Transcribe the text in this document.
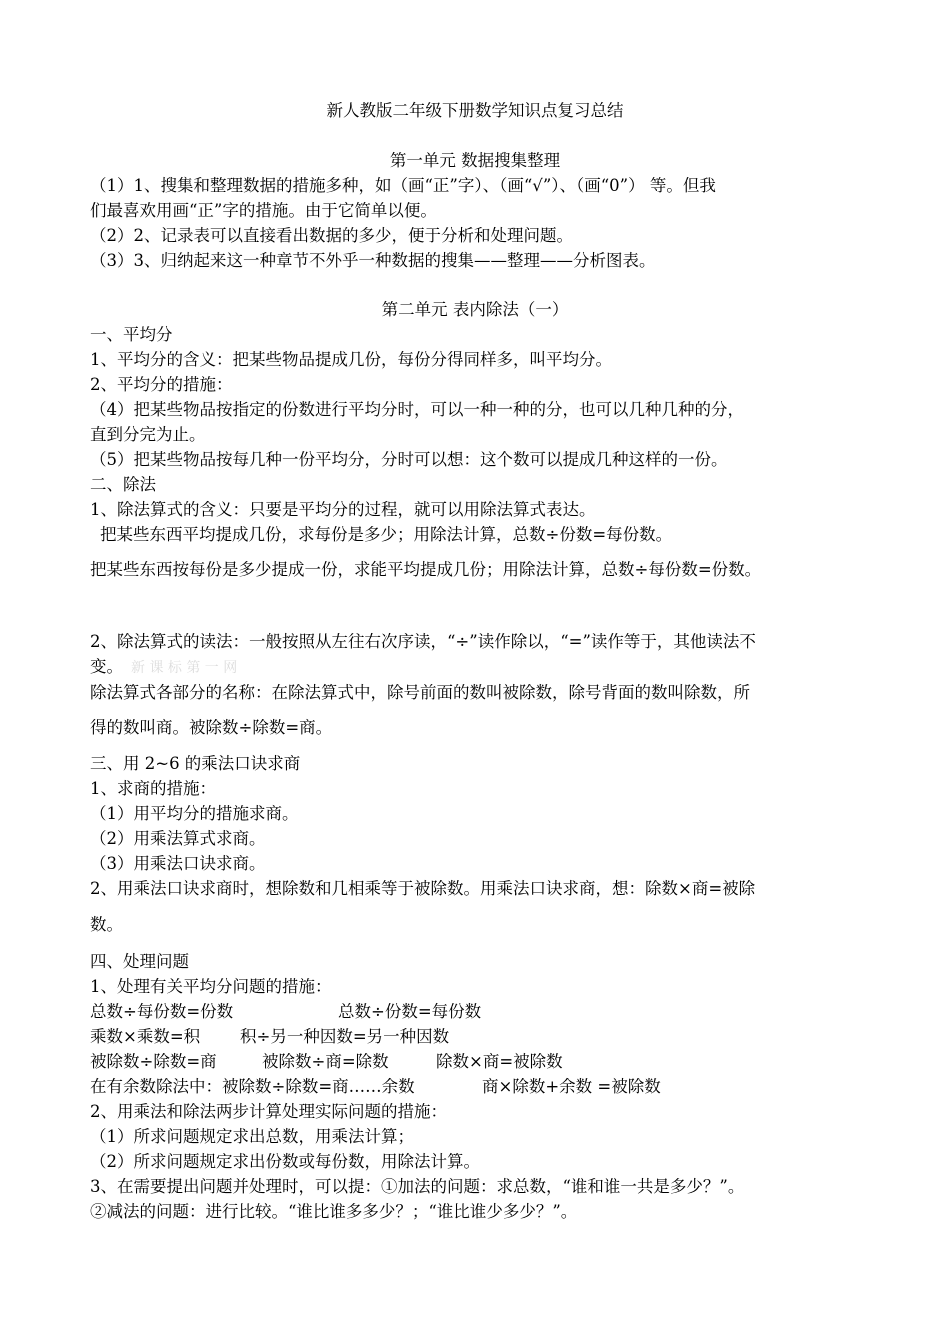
新人教版二年级下册数学知识点复习总结
第一单元 数据搜集整理
（1）1、搜集和整理数据的措施多种，如（画“正”字）、（画“√”）、（画“0”） 等。但我
们最喜欢用画“正”字的措施。由于它简单以便。
（2）2、记录表可以直接看出数据的多少，便于分析和处理问题。
（3）3、归纳起来这一种章节不外乎一种数据的搜集——整理——分析图表。
第二单元 表内除法（一）
一、平均分
1、平均分的含义：把某些物品提成几份，每份分得同样多，叫平均分。
2、平均分的措施：
（4）把某些物品按指定的份数进行平均分时，可以一种一种的分，也可以几种几种的分，
直到分完为止。
（5）把某些物品按每几种一份平均分，分时可以想：这个数可以提成几种这样的一份。
二、除法
1、除法算式的含义：只要是平均分的过程，就可以用除法算式表达。
把某些东西平均提成几份，求每份是多少；用除法计算，总数÷份数=每份数。
把某些东西按每份是多少提成一份，求能平均提成几份；用除法计算，总数÷每份数=份数。
2、除法算式的读法：一般按照从左往右次序读，“÷”读作除以，“=”读作等于，其他读法不
变。 新 课 标 第 一 网
除法算式各部分的名称：在除法算式中，除号前面的数叫被除数，除号背面的数叫除数，所
得的数叫商。被除数÷除数=商。
三、用 2~6 的乘法口诀求商
1、求商的措施：
（1）用平均分的措施求商。
（2）用乘法算式求商。
（3）用乘法口诀求商。
2、用乘法口诀求商时，想除数和几相乘等于被除数。用乘法口诀求商，想：除数×商=被除
数。
四、处理问题
1、处理有关平均分问题的措施：
总数÷每份数=份数	总数÷份数=每份数
乘数×乘数=积 积÷另一种因数=另一种因数
被除数÷除数=商	被除数÷商=除数	除数×商=被除数
在有余数除法中：被除数÷除数=商……余数	商×除数+余数 =被除数
2、用乘法和除法两步计算处理实际问题的措施：
（1）所求问题规定求出总数，用乘法计算；
（2）所求问题规定求出份数或每份数，用除法计算。
3、在需要提出问题并处理时，可以提：①加法的问题：求总数，“谁和谁一共是多少？”。
②减法的问题：进行比较。“谁比谁多多少？；“谁比谁少多少？”。
